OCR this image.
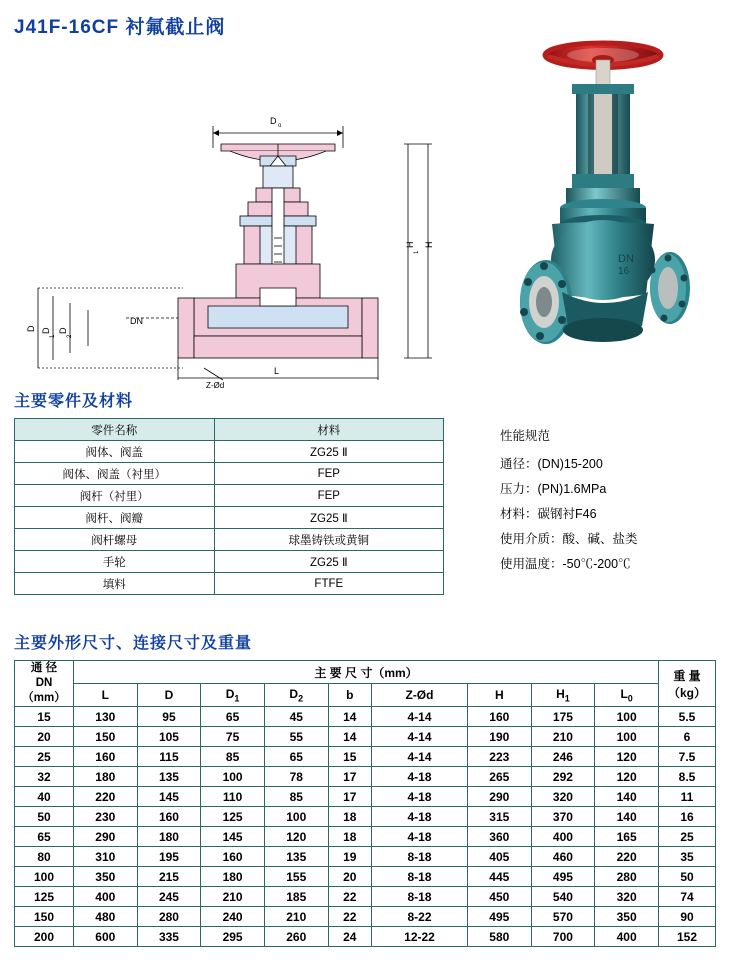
J41F-16CF 衬氟截止阀
D o
D D
1
D
2
DN
L
H
1
H
Z-Ød
DN
16
主要零件及材料
零件名称	材料
阀体、阀盖	ZG25 Ⅱ
阀体、阀盖（衬里）	FEP
阀杆（衬里）	FEP
阀杆、阀瓣	ZG25 Ⅱ
阀杆螺母	球墨铸铁或黄铜
手轮	ZG25 Ⅱ
填料	FTFE
性能规范
通径：(DN)15-200
压力：(PN)1.6MPa
材料：碳钢衬F46
使用介质：酸、碱、盐类
使用温度：-50℃-200℃
主要外形尺寸、连接尺寸及重量
通 径
DN
（mm）
	主 要 尺 寸（mm）	重 量
（kg）

	L	D	$D_1$	$D_2$	b	Z-Ød	H	$H_1$	$L_0$
15	130	95	65	45	14	4-14	160	175	100	5.5
20	150	105	75	55	14	4-14	190	210	100	6
25	160	115	85	65	15	4-14	223	246	120	7.5
32	180	135	100	78	17	4-18	265	292	120	8.5
40	220	145	110	85	17	4-18	290	320	140	11
50	230	160	125	100	18	4-18	315	370	140	16
65	290	180	145	120	18	4-18	360	400	165	25
80	310	195	160	135	19	8-18	405	460	220	35
100	350	215	180	155	20	8-18	445	495	280	50
125	400	245	210	185	22	8-18	450	540	320	74
150	480	280	240	210	22	8-22	495	570	350	90
200	600	335	295	260	24	12-22	580	700	400	152
